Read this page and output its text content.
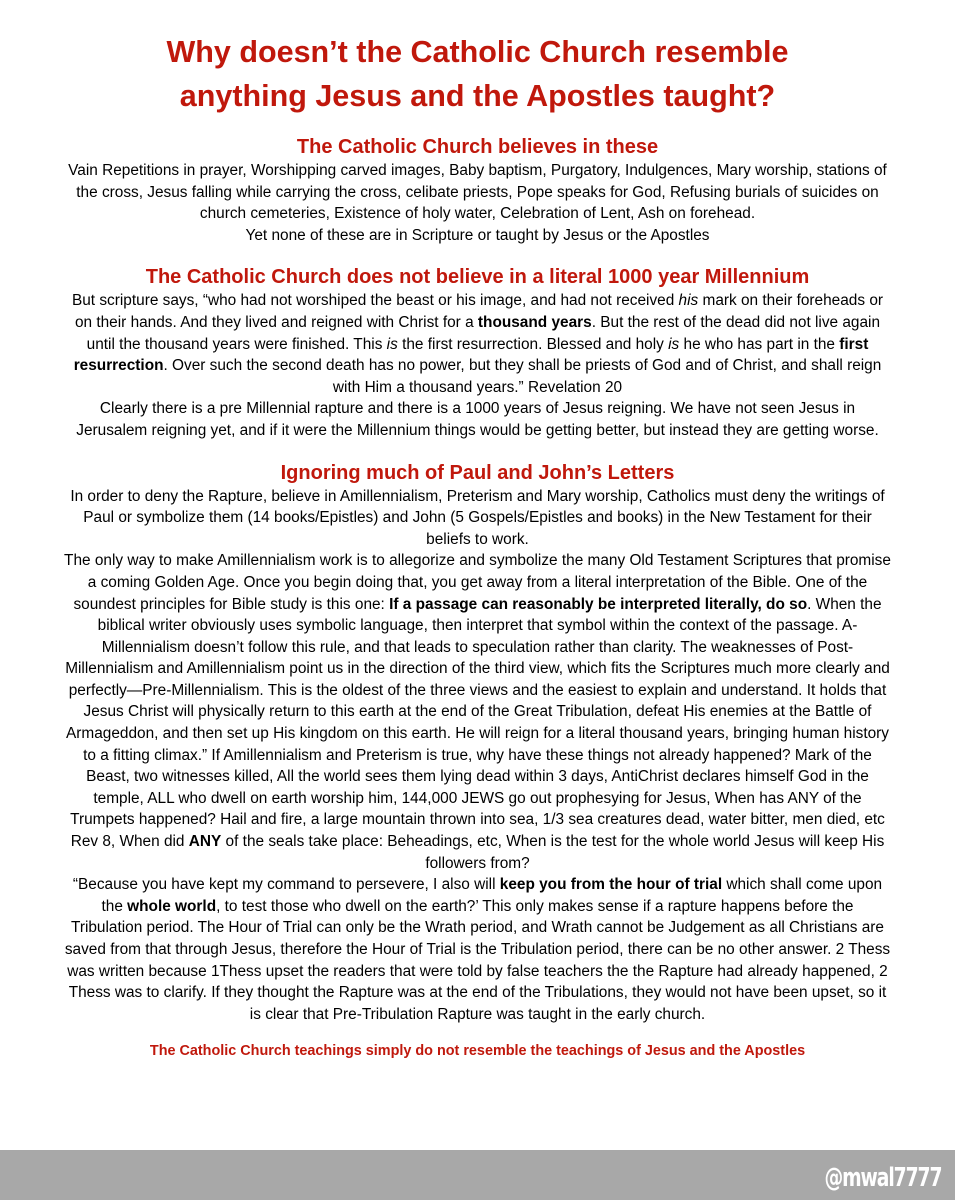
Why doesn’t the Catholic Church resemble
anything Jesus and the Apostles taught?
The Catholic Church believes in these

Vain Repetitions in prayer, Worshipping carved images, Baby baptism, Purgatory, Indulgences, Mary worship, stations of the cross, Jesus falling while carrying the cross, celibate priests, Pope speaks for God, Refusing burials of suicides on church cemeteries, Existence of holy water, Celebration of Lent, Ash on forehead.
Yet none of these are in Scripture or taught by Jesus or the Apostles

The Catholic Church does not believe in a literal 1000 year Millennium

But scripture says, “who had not worshiped the beast or his image, and had not received his mark on their foreheads or on their hands. And they lived and reigned with Christ for a thousand years. But the rest of the dead did not live again until the thousand years were finished. This is the first resurrection. Blessed and holy is he who has part in the first resurrection. Over such the second death has no power, but they shall be priests of God and of Christ, and shall reign with Him a thousand years.” Revelation 20
Clearly there is a pre Millennial rapture and there is a 1000 years of Jesus reigning. We have not seen Jesus in Jerusalem reigning yet, and if it were the Millennium things would be getting better, but instead they are getting worse.

Ignoring much of Paul and John’s Letters

In order to deny the Rapture, believe in Amillennialism, Preterism and Mary worship, Catholics must deny the writings of Paul or symbolize them (14 books/Epistles) and John (5 Gospels/Epistles and books) in the New Testament for their beliefs to work.
The only way to make Amillennialism work is to allegorize and symbolize the many Old Testament Scriptures that promise a coming Golden Age. Once you begin doing that, you get away from a literal interpretation of the Bible. One of the soundest principles for Bible study is this one: If a passage can reasonably be interpreted literally, do so. When the biblical writer obviously uses symbolic language, then interpret that symbol within the context of the passage. A-Millennialism doesn’t follow this rule, and that leads to speculation rather than clarity. The weaknesses of Post-Millennialism and Amillennialism point us in the direction of the third view, which fits the Scriptures much more clearly and perfectly—Pre-Millennialism. This is the oldest of the three views and the easiest to explain and understand. It holds that Jesus Christ will physically return to this earth at the end of the Great Tribulation, defeat His enemies at the Battle of Armageddon, and then set up His kingdom on this earth. He will reign for a literal thousand years, bringing human history to a fitting climax.” If Amillennialism and Preterism is true, why have these things not already happened? Mark of the Beast, two witnesses killed, All the world sees them lying dead within 3 days, AntiChrist declares himself God in the temple, ALL who dwell on earth worship him, 144,000 JEWS go out prophesying for Jesus, When has ANY of the Trumpets happened? Hail and fire, a large mountain thrown into sea, 1/3 sea creatures dead, water bitter, men died, etc Rev 8, When did ANY of the seals take place: Beheadings, etc, When is the test for the whole world Jesus will keep His followers from?
“Because you have kept my command to persevere, I also will keep you from the hour of trial which shall come upon the whole world, to test those who dwell on the earth?’ This only makes sense if a rapture happens before the Tribulation period. The Hour of Trial can only be the Wrath period, and Wrath cannot be Judgement as all Christians are saved from that through Jesus, therefore the Hour of Trial is the Tribulation period, there can be no other answer. 2 Thess was written because 1Thess upset the readers that were told by false teachers the the Rapture had already happened, 2 Thess was to clarify. If they thought the Rapture was at the end of the Tribulations, they would not have been upset, so it is clear that Pre-Tribulation Rapture was taught in the early church.

The Catholic Church teachings simply do not resemble the teachings of Jesus and the Apostles

@mwal7777
